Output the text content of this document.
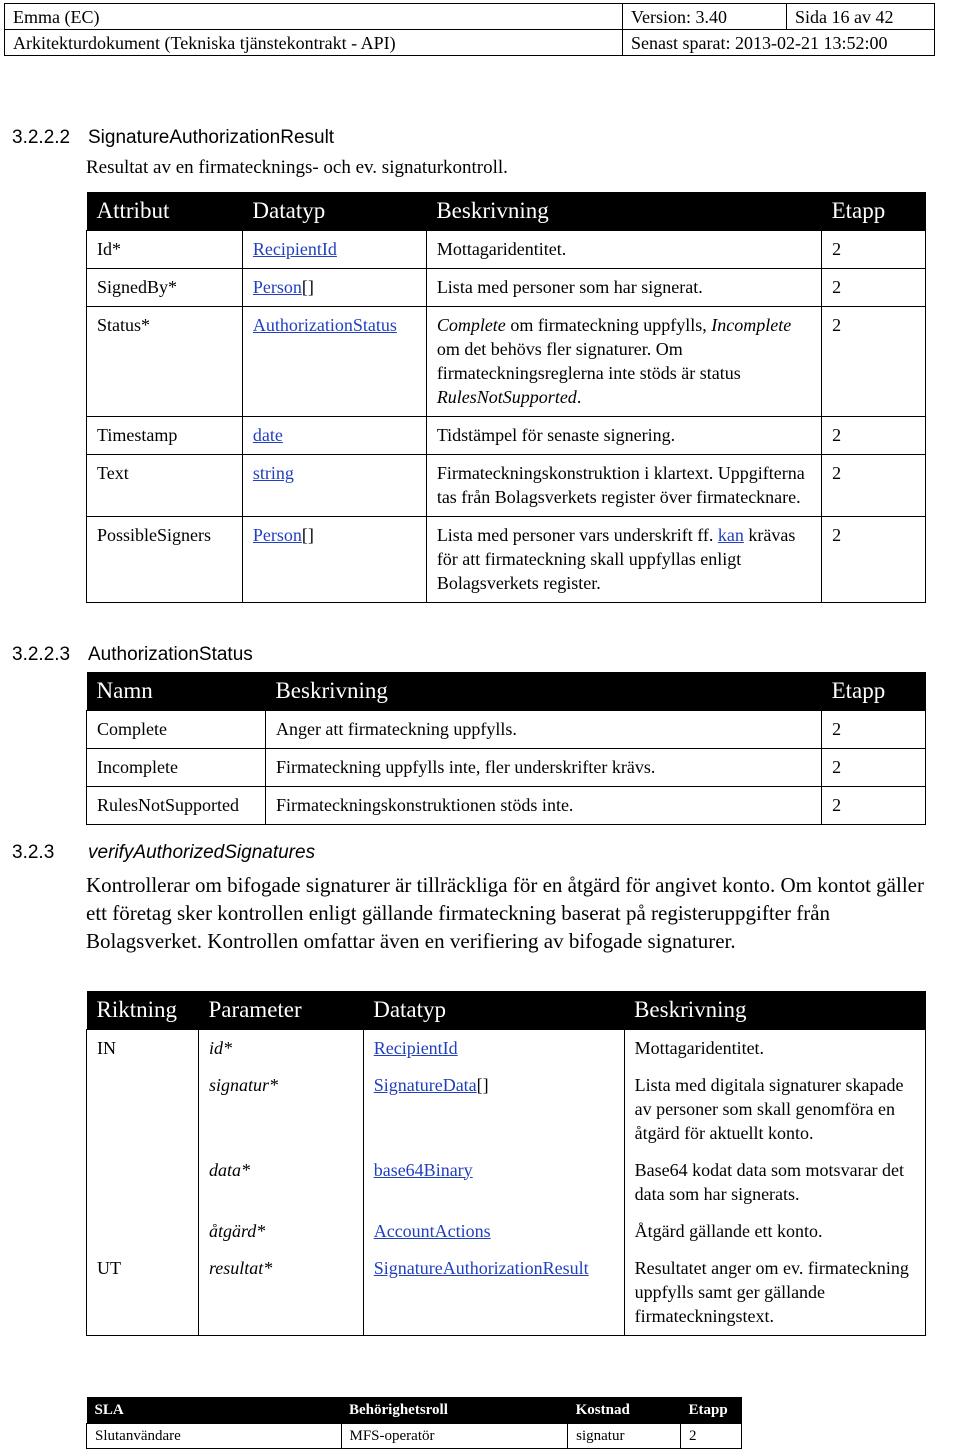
Emma (EC)	Version: 3.40	Sida 16 av 42
Arkitekturdokument (Tekniska tjänstekontrakt - API)	Senast sparat: 2013-02-21 13:52:00	
3.2.2.2 SignatureAuthorizationResult
Resultat av en firmatecknings- och ev. signaturkontroll.
Attribut	Datatyp	Beskrivning	Etapp
Id*	RecipientId	Mottagaridentitet.	2
SignedBy*	Person[]	Lista med personer som har signerat.	2
Status*	AuthorizationStatus	Complete om firmateckning uppfylls, Incomplete om det behövs fler signaturer. Om firmateckningsreglerna inte stöds är status RulesNotSupported.	2
Timestamp	date	Tidstämpel för senaste signering.	2
Text	string	Firmateckningskonstruktion i klartext. Uppgifterna tas från Bolagsverkets register över firmatecknare.	2
PossibleSigners	Person[]	Lista med personer vars underskrift ff. kan krävas för att firmateckning skall uppfyllas enligt Bolagsverkets register.	2
3.2.2.3 AuthorizationStatus
Namn	Beskrivning	Etapp
Complete	Anger att firmateckning uppfylls.	2
Incomplete	Firmateckning uppfylls inte, fler underskrifter krävs.	2
RulesNotSupported	Firmateckningskonstruktionen stöds inte.	2
3.2.3 verifyAuthorizedSignatures
Kontrollerar om bifogade signaturer är tillräckliga för en åtgärd för angivet konto. Om kontot gäller ett företag sker kontrollen enligt gällande firmateckning baserat på registeruppgifter från Bolagsverket. Kontrollen omfattar även en verifiering av bifogade signaturer.
Riktning	Parameter	Datatyp	Beskrivning
IN	id*	RecipientId	Mottagaridentitet.
	signatur*	SignatureData[]	Lista med digitala signaturer skapade av personer som skall genomföra en åtgärd för aktuellt konto.
	data*	base64Binary	Base64 kodat data som motsvarar det data som har signerats.
	åtgärd*	AccountActions	Åtgärd gällande ett konto.
UT	resultat*	SignatureAuthorizationResult	Resultatet anger om ev. firmateckning uppfylls samt ger gällande firmateckningstext.
SLA	Behörighetsroll	Kostnad	Etapp
Slutanvändare	MFS-operatör	signatur	2
